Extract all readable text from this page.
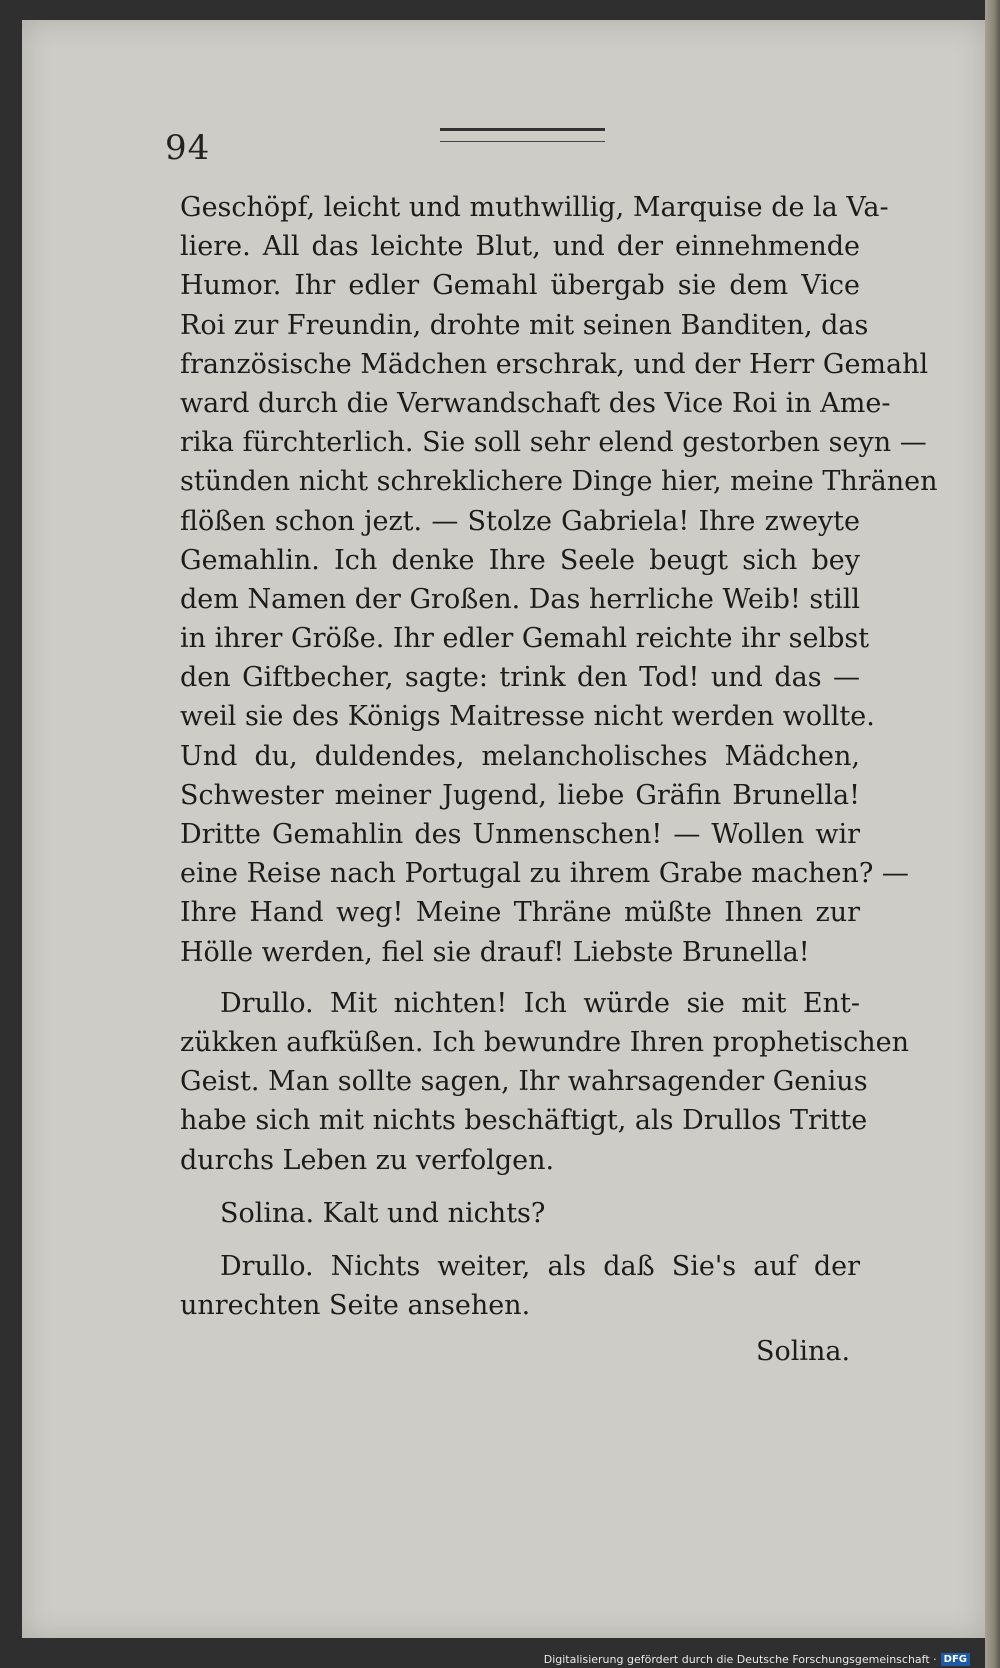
94
Geschöpf, leicht und muthwillig, Marquise de la Va-
liere. All das leichte Blut, und der einnehmende
Humor. Ihr edler Gemahl übergab sie dem Vice
Roi zur Freundin, drohte mit seinen Banditen, das
französische Mädchen erschrak, und der Herr Gemahl
ward durch die Verwandschaft des Vice Roi in Ame-
rika fürchterlich. Sie soll sehr elend gestorben seyn —
stünden nicht schreklichere Dinge hier, meine Thränen
flößen schon jezt. — Stolze Gabriela! Ihre zweyte
Gemahlin. Ich denke Ihre Seele beugt sich bey
dem Namen der Großen. Das herrliche Weib! still
in ihrer Größe. Ihr edler Gemahl reichte ihr selbst
den Giftbecher, sagte: trink den Tod! und das —
weil sie des Königs Maitresse nicht werden wollte.
Und du, duldendes, melancholisches Mädchen,
Schwester meiner Jugend, liebe Gräfin Brunella!
Dritte Gemahlin des Unmenschen! — Wollen wir
eine Reise nach Portugal zu ihrem Grabe machen? —
Ihre Hand weg! Meine Thräne müßte Ihnen zur
Hölle werden, fiel sie drauf! Liebste Brunella!
Drullo. Mit nichten! Ich würde sie mit Ent-
zükken aufküßen. Ich bewundre Ihren prophetischen
Geist. Man sollte sagen, Ihr wahrsagender Genius
habe sich mit nichts beschäftigt, als Drullos Tritte
durchs Leben zu verfolgen.
Solina. Kalt und nichts?
Drullo. Nichts weiter, als daß Sie's auf der
unrechten Seite ansehen.
Solina.
Digitalisierung gefördert durch die Deutsche Forschungsgemeinschaft · DFG
